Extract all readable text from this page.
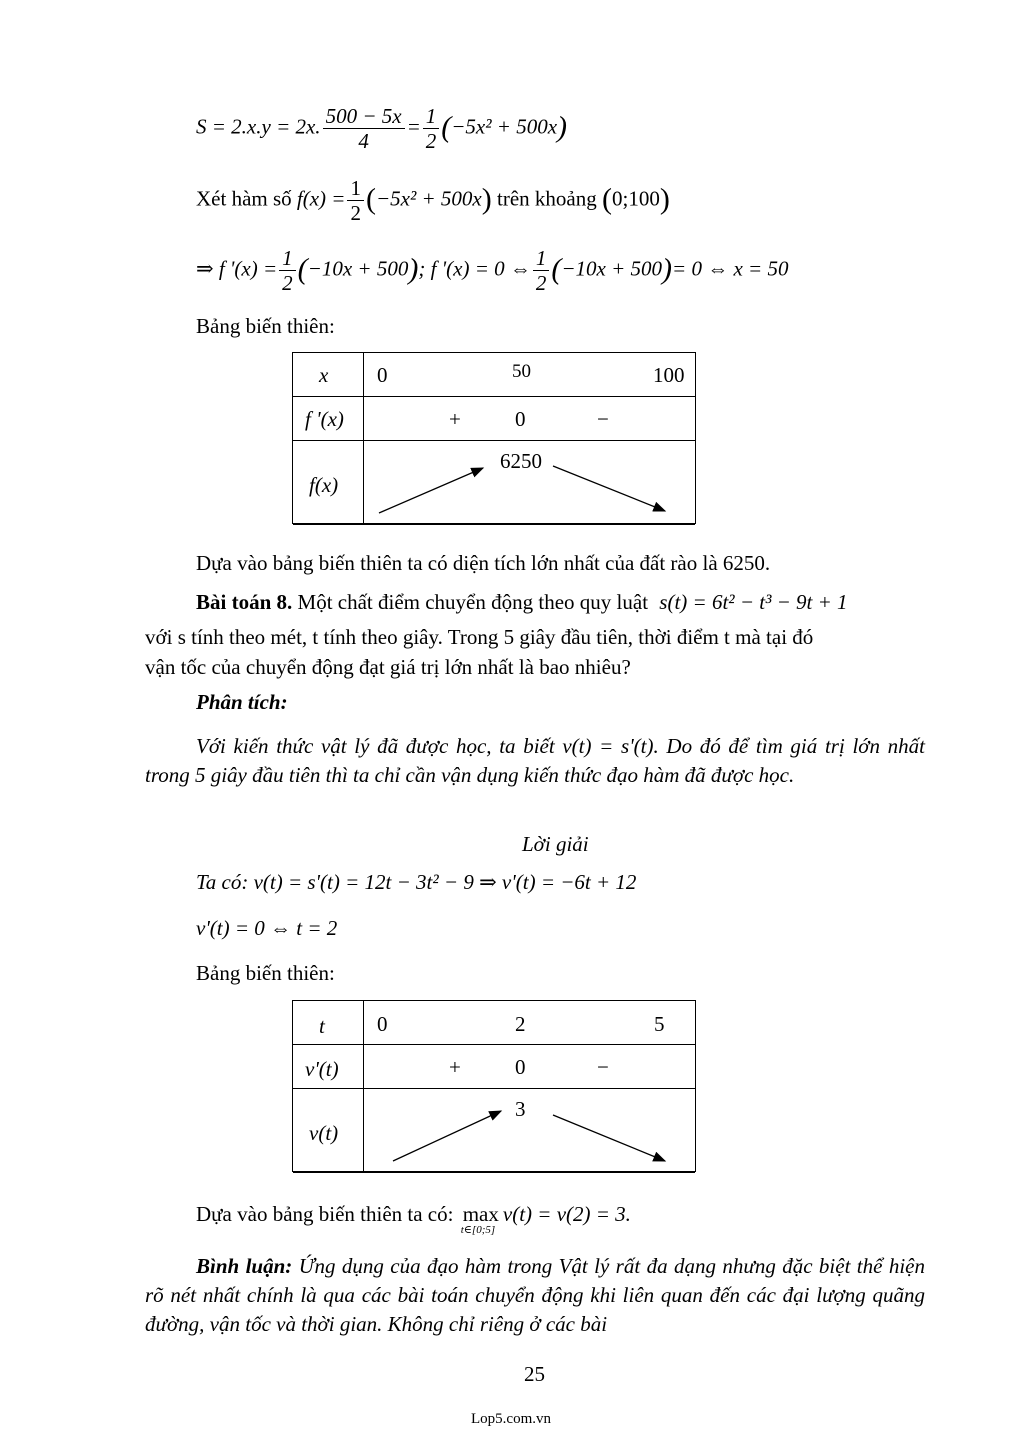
S = 2.x.y = 2x. $\frac{500 - 5x}{4} = \frac{1}{2} (-5x^2 + 500x)$
Xét hàm số $f(x) = \frac{1}{2} (-5x^2 + 500x)$ trên khoảng (0;100)
⇒ f '$(x) = \frac{1}{2} (-10x + 500)$; f '(x) = 0 ⇔ $\frac{1}{2} (-10x + 500)= 0$ ⇔ x = 50
Bảng biến thiên:
x 0	50	100
f '(x)	+	0	−
f(x)
6250
Dựa vào bảng biến thiên ta có diện tích lớn nhất của đất rào là 6250.
Bài toán 8. Một chất điểm chuyển động theo quy luật s(t) = 6t² − t³ − 9t + 1
với s tính theo mét, t tính theo giây. Trong 5 giây đầu tiên, thời điểm t mà tại đó
vận tốc của chuyển động đạt giá trị lớn nhất là bao nhiêu?
Phân tích:
Với kiến thức vật lý đã được học, ta biết v(t) = s'(t). Do đó để tìm giá trị lớn nhất trong 5 giây đầu tiên thì ta chỉ cần vận dụng kiến thức đạo hàm đã được học.
Lời giải
Ta có: v(t) = s'(t) = 12t − 3t² − 9 ⇒ v'(t) = −6t + 12
v'(t) = 0 ⇔ t = 2
Bảng biến thiên:
t 0	2	5
v'(t)	+	0	−
v(t)
3
Dựa vào bảng biến thiên ta có: max
t∈[0;5]
v(t) = v(2) = 3.
Bình luận: Ứng dụng của đạo hàm trong Vật lý rất đa dạng nhưng đặc biệt thể hiện rõ nét nhất chính là qua các bài toán chuyển động khi liên quan đến các đại lượng quãng đường, vận tốc và thời gian. Không chỉ riêng ở các bài
25
Lop5.com.vn
